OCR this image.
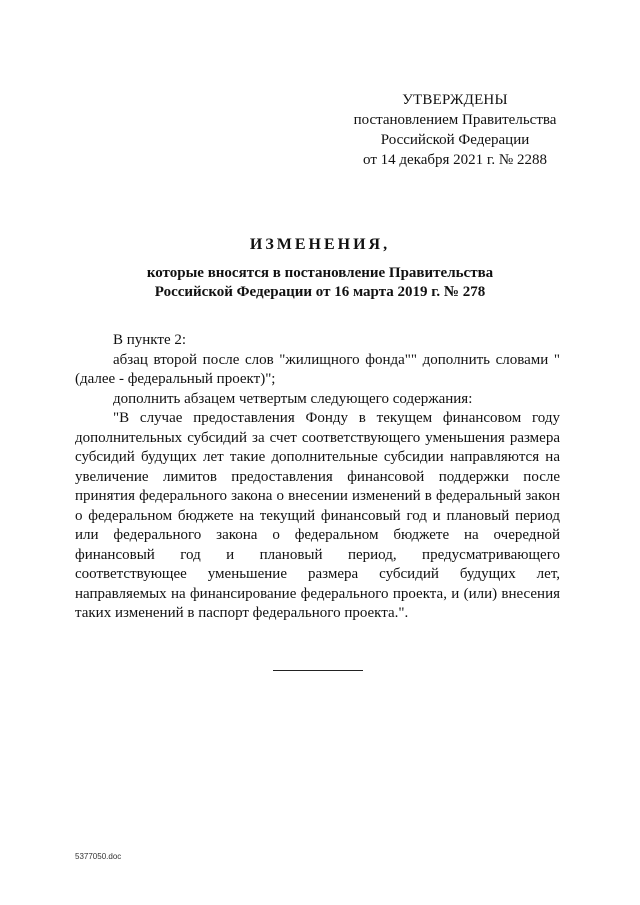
УТВЕРЖДЕНЫ
постановлением Правительства
Российской Федерации
от 14 декабря 2021 г. № 2288
ИЗМЕНЕНИЯ,
которые вносятся в постановление Правительства
Российской Федерации от 16 марта 2019 г. № 278

В пункте 2:

абзац второй после слов "жилищного фонда"" дополнить словами "(далее - федеральный проект)";

дополнить абзацем четвертым следующего содержания:

"В случае предоставления Фонду в текущем финансовом году дополнительных субсидий за счет соответствующего уменьшения размера субсидий будущих лет такие дополнительные субсидии направляются на увеличение лимитов предоставления финансовой поддержки после принятия федерального закона о внесении изменений в федеральный закон о федеральном бюджете на текущий финансовый год и плановый период или федерального закона о федеральном бюджете на очередной финансовый год и плановый период, предусматривающего соответствующее уменьшение размера субсидий будущих лет, направляемых на финансирование федерального проекта, и (или) внесения таких изменений в паспорт федерального проекта.".

5377050.doc
